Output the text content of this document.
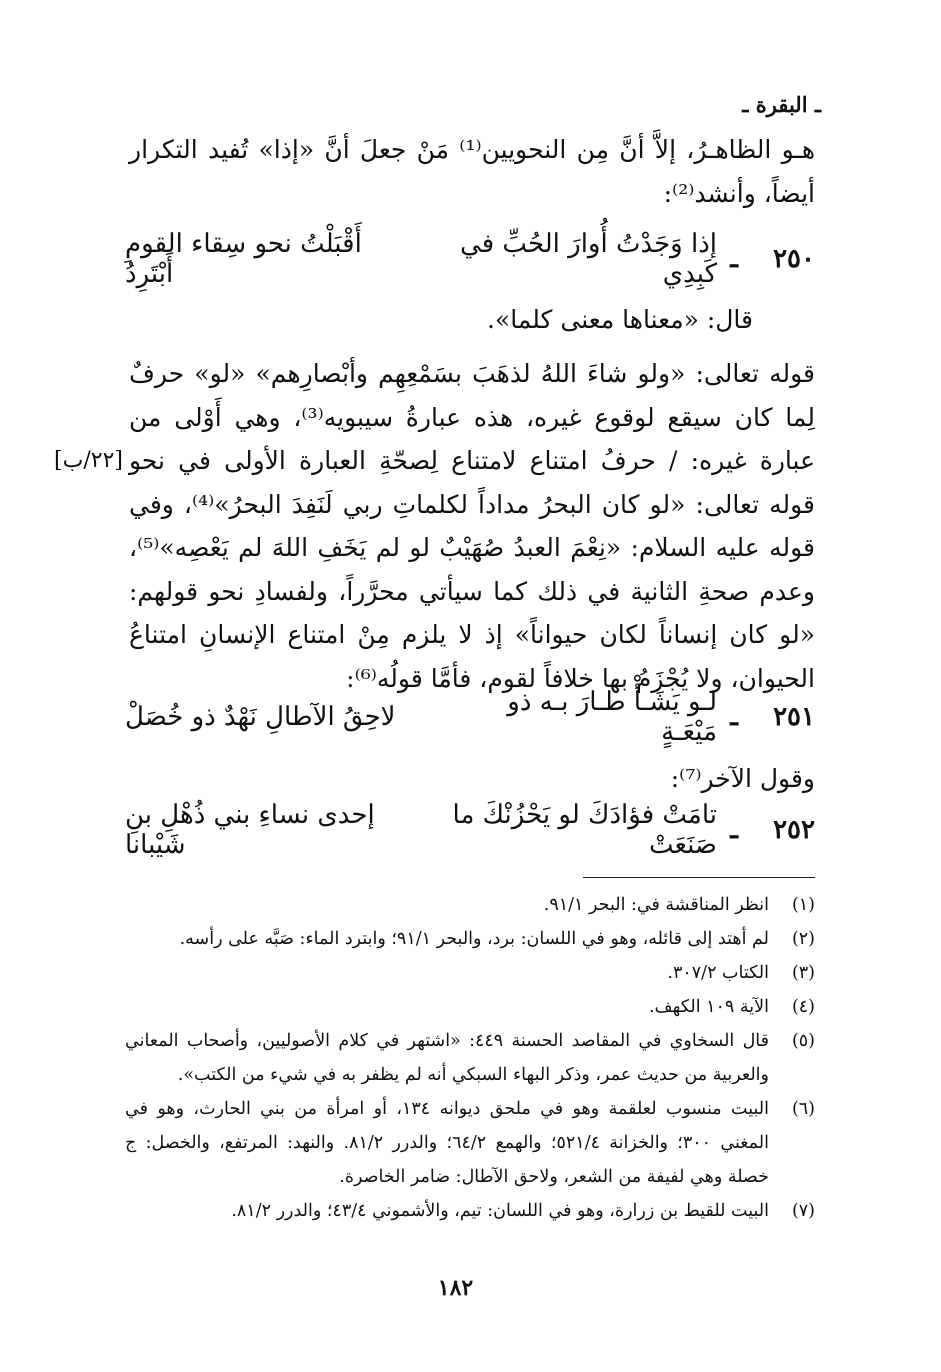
ـ البقرة ـ
هـو الظاهـرُ، إلاَّ أنَّ مِن النحويين⁽¹⁾ مَنْ جعلَ أنَّ «إذا» تُفيد التكرار أيضاً، وأنشد⁽²⁾:
٢٥٠
ـ
إذا وَجَدْتُ أُوارَ الحُبِّ في كَبِدِي
أَقْبَلْتُ نحو سِقاء القومِ أَبْتَرِدُ
قال: «معناها معنى كلما».
قوله تعالى: «ولو شاءَ اللهُ لذهَبَ بسَمْعِهِم وأبْصارِهم» «لو» حرفٌ لِما كان سيقع لوقوع غيره، هذه عبارةُ سيبويه⁽³⁾، وهي أَوْلى من عبارة غيره: / حرفُ امتناع لامتناع لِصحّةِ العبارة الأولى في نحو قوله تعالى: «لو كان البحرُ مداداً لكلماتِ ربي لَنَفِدَ البحرُ»⁽⁴⁾، وفي قوله عليه السلام: «نِعْمَ العبدُ صُهَيْبٌ لو لم يَخَفِ اللهَ لم يَعْصِه»⁽⁵⁾، وعدم صحةِ الثانية في ذلك كما سيأتي محرَّراً، ولفسادِ نحو قولهم: «لو كان إنساناً لكان حيواناً» إذ لا يلزم مِنْ امتناع الإنسانِ امتناعُ الحيوان، ولا يُجْزَمُ بها خلافاً لقوم، فأمَّا قولُه⁽⁶⁾:
[٢٢/ب]
٢٥١
ـ
لـو يَشَـأْ طـارَ بـه ذو مَيْعَـةٍ
لاحِقُ الآطالِ نَهْدٌ ذو خُصَلْ
وقول الآخر⁽⁷⁾:
٢٥٢
ـ
تامَتْ فؤادَكَ لو يَحْزُنْكَ ما صَنَعَتْ
إحدى نساءِ بني ذُهْلِ بنِ شَيْبانا
(١)
انظر المناقشة في: البحر ٩١/١.
(٢)
لم أهتد إلى قائله، وهو في اللسان: برد، والبحر ٩١/١؛ وابترد الماء: صَبَّه على رأسه.
(٣)
الكتاب ٣٠٧/٢.
(٤)
الآية ١٠٩ الكهف.
(٥)
قال السخاوي في المقاصد الحسنة ٤٤٩: «اشتهر في كلام الأصوليين، وأصحاب المعاني والعربية من حديث عمر، وذكر البهاء السبكي أنه لم يظفر به في شيء من الكتب».
(٦)
البيت منسوب لعلقمة وهو في ملحق ديوانه ١٣٤، أو امرأة من بني الحارث، وهو في المغني ٣٠٠؛ والخزانة ٥٢١/٤؛ والهمع ٦٤/٢؛ والدرر ٨١/٢. والنهد: المرتفع، والخصل: ج خصلة وهي لفيفة من الشعر، ولاحق الآطال: ضامر الخاصرة.
(٧)
البيت للقيط بن زرارة، وهو في اللسان: تيم، والأشموني ٤٣/٤؛ والدرر ٨١/٢.
١٨٢
